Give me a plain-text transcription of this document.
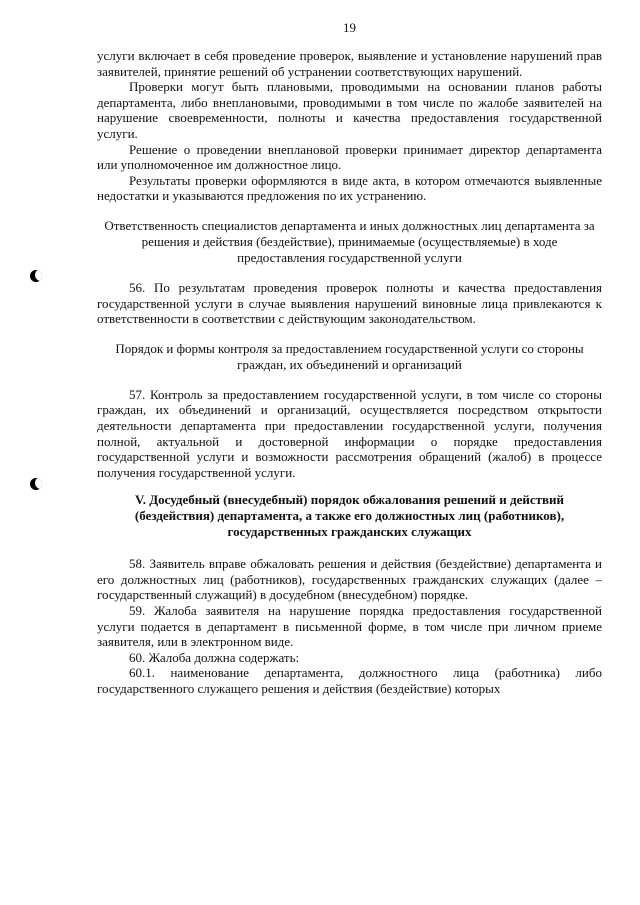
19

услуги включает в себя проведение проверок, выявление и установление нарушений прав заявителей, принятие решений об устранении соответствующих нарушений.

Проверки могут быть плановыми, проводимыми на основании планов работы департамента, либо внеплановыми, проводимыми в том числе по жалобе заявителей на нарушение своевременности, полноты и качества предоставления государственной услуги.

Решение о проведении внеплановой проверки принимает директор департамента или уполномоченное им должностное лицо.

Результаты проверки оформляются в виде акта, в котором отмечаются выявленные недостатки и указываются предложения по их устранению.

Ответственность специалистов департамента и иных должностных лиц департамента за решения и действия (бездействие), принимаемые (осуществляемые) в ходе предоставления государственной услуги

56. По результатам проведения проверок полноты и качества предоставления государственной услуги в случае выявления нарушений виновные лица привлекаются к ответственности в соответствии с действующим законодательством.

Порядок и формы контроля за предоставлением государственной услуги со стороны граждан, их объединений и организаций

57. Контроль за предоставлением государственной услуги, в том числе со стороны граждан, их объединений и организаций, осуществляется посредством открытости деятельности департамента при предоставлении государственной услуги, получения полной, актуальной и достоверной информации о порядке предоставления государственной услуги и возможности рассмотрения обращений (жалоб) в процессе получения государственной услуги.

V. Досудебный (внесудебный) порядок обжалования решений и действий (бездействия) департамента, а также его должностных лиц (работников), государственных гражданских служащих

58. Заявитель вправе обжаловать решения и действия (бездействие) департамента и его должностных лиц (работников), государственных гражданских служащих (далее – государственный служащий) в досудебном (внесудебном) порядке.

59. Жалоба заявителя на нарушение порядка предоставления государственной услуги подается в департамент в письменной форме, в том числе при личном приеме заявителя, или в электронном виде.

60. Жалоба должна содержать:

60.1. наименование департамента, должностного лица (работника) либо государственного служащего решения и действия (бездействие) которых
